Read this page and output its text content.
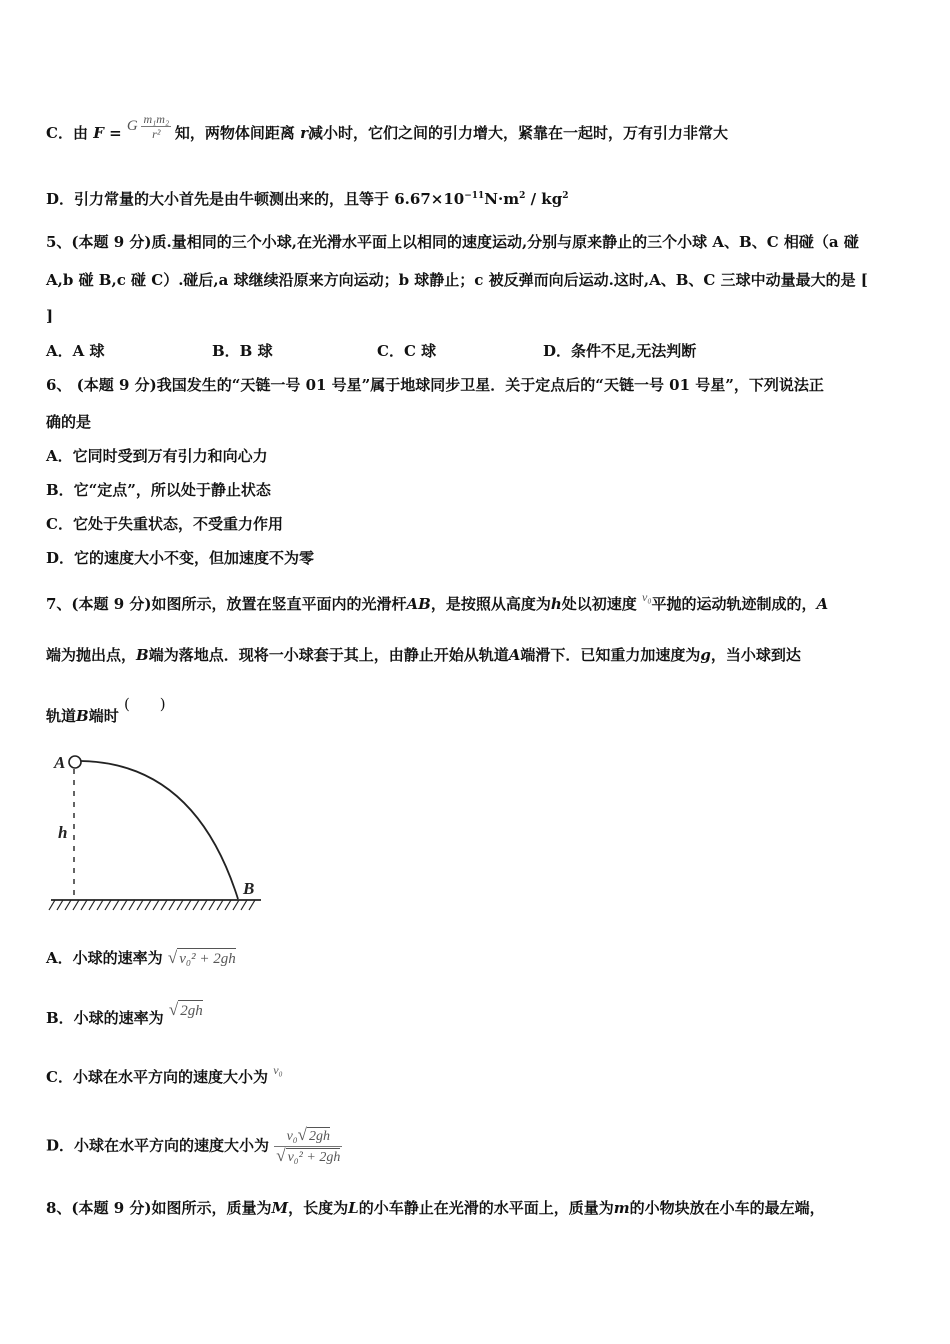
C．由 F = G $\frac{\text{m₁m₂}}{\text{r²}}$ 知，两物体间距离 r减小时，它们之间的引力增大，紧靠在一起时，万有引力非常大
D．引力常量的大小首先是由牛顿测出来的，且等于 $6.67\times 10^{-11}N\cdot m^2 / kg^2$
5、(本题 9 分)质.量相同的三个小球,在光滑水平面上以相同的速度运动,分别与原来静止的三个小球 A、B、C 相碰（a 碰
A,b 碰 B,c 碰 C）.碰后,a 球继续沿原来方向运动；b 球静止；c 被反弹而向后运动.这时,A、B、C 三球中动量最大的是 [
]
A．A 球	B．B 球	C．C 球	D．条件不足,无法判断
6、 (本题 9 分)我国发生的“天链一号 01 号星”属于地球同步卫星．关于定点后的“天链一号 01 号星”，下列说法正
确的是
A．它同时受到万有引力和向心力
B．它“定点”，所以处于静止状态
C．它处于失重状态，不受重力作用
D．它的速度大小不变，但加速度不为零
7、(本题 9 分)如图所示，放置在竖直平面内的光滑杆AB，是按照从高度为h处以初速度 $^{v_0}$平抛的运动轨迹制成的，A
端为抛出点，B端为落地点．现将一小球套于其上，由静止开始从轨道A端滑下．已知重力加速度为g，当小球到达
轨道B端时 (　　)
A
h
B
A．小球的速率为 √ v₀² + 2gh
B．小球的速率为 √ 2gh
C．小球在水平方向的速度大小为 $^{v_0}$
D．小球在水平方向的速度大小为 $\frac{\text{v₀√ 2gh}}{\text{√ v₀² + 2gh}}$
8、(本题 9 分)如图所示，质量为M，长度为L的小车静止在光滑的水平面上，质量为m的小物块放在小车的最左端，
